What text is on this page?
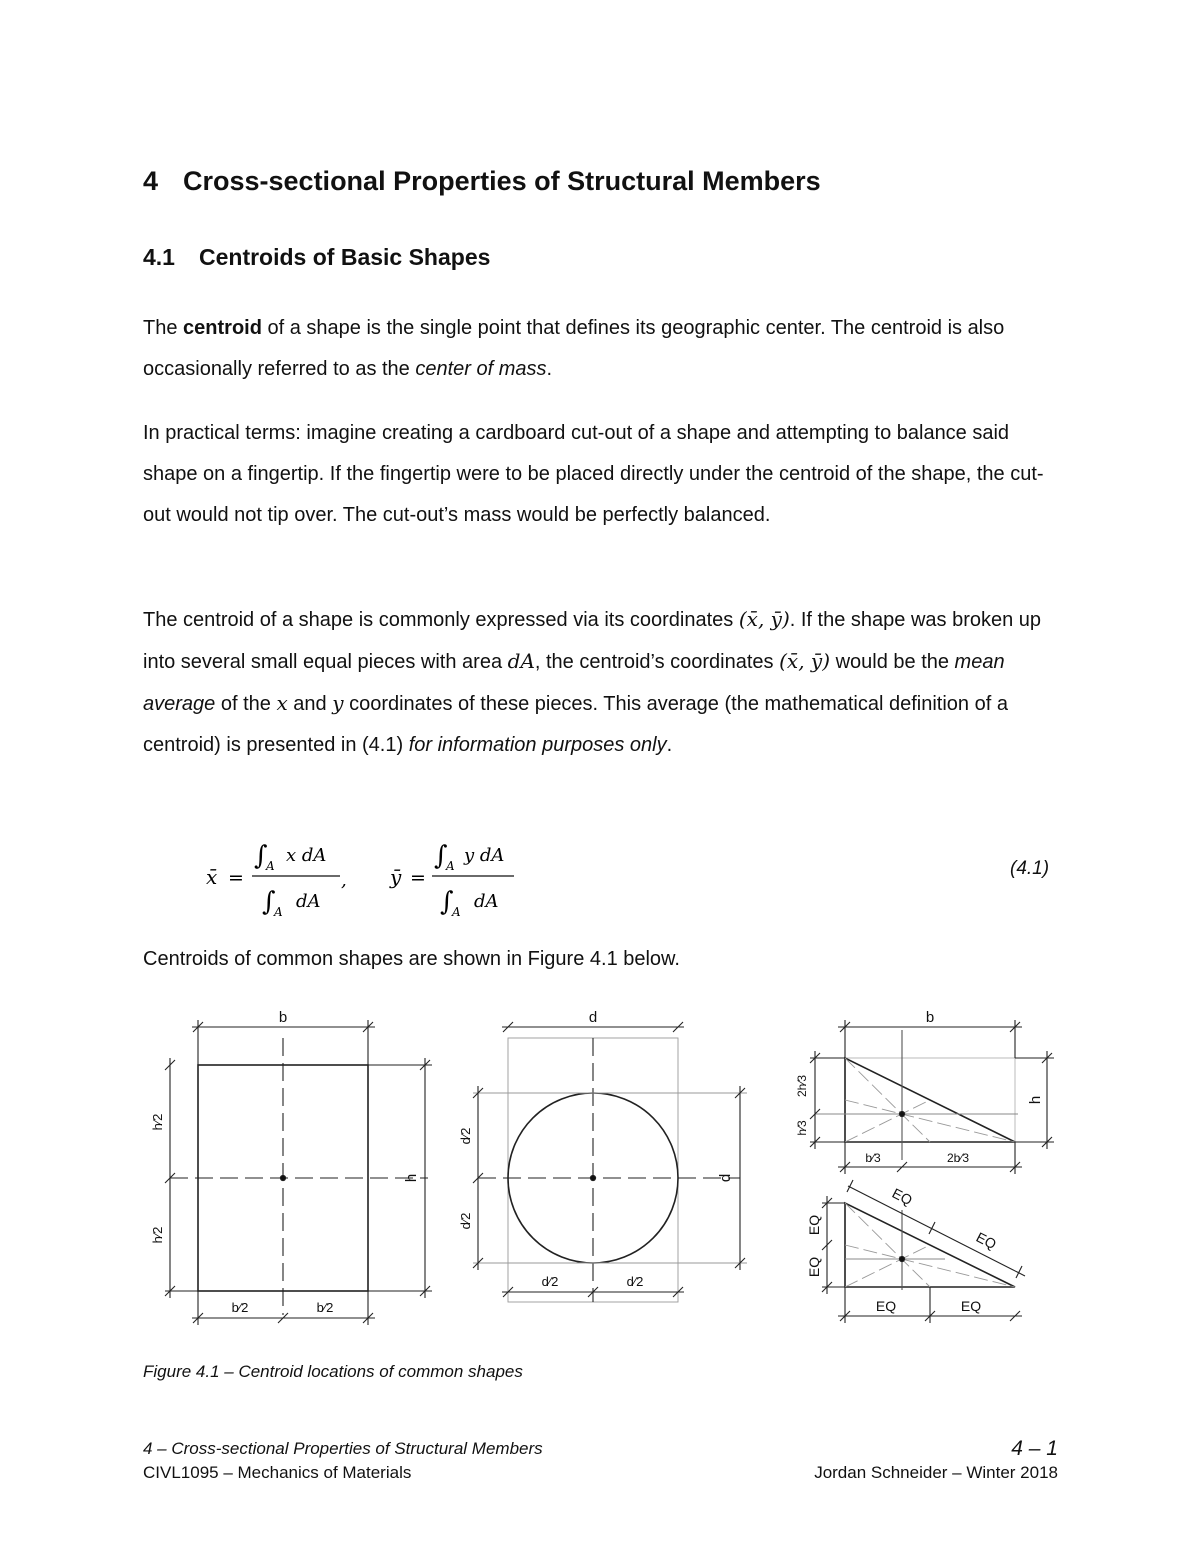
4 Cross-sectional Properties of Structural Members
4.1 Centroids of Basic Shapes

The centroid of a shape is the single point that defines its geographic center. The centroid is also occasionally referred to as the center of mass.

In practical terms: imagine creating a cardboard cut-out of a shape and attempting to balance said shape on a fingertip. If the fingertip were to be placed directly under the centroid of the shape, the cut-out would not tip over. The cut-out’s mass would be perfectly balanced.

The centroid of a shape is commonly expressed via its coordinates (x̄, ȳ). If the shape was broken up into several small equal pieces with area dA, the centroid’s coordinates (x̄, ȳ) would be the mean average of the x and y coordinates of these pieces. This average (the mathematical definition of a centroid) is presented in (4.1) for information purposes only.

x̄ =
∫
A x dA
∫
A dA
, ȳ =
∫
A y dA
∫
A dA
(4.1)

Centroids of common shapes are shown in Figure 4.1 below.

b
h
h⁄2
h⁄2
b⁄2	b⁄2
d
d
d⁄2
d⁄2
d⁄2	d⁄2
b
h
2h⁄3
h⁄3
b⁄3	2b⁄3
EQ
EQ
EQ
EQ
EQ	EQ
Figure 4.1 – Centroid locations of common shapes
4 – Cross-sectional Properties of Structural Members
CIVL1095 – Mechanics of Materials
4 – 1
Jordan Schneider – Winter 2018
